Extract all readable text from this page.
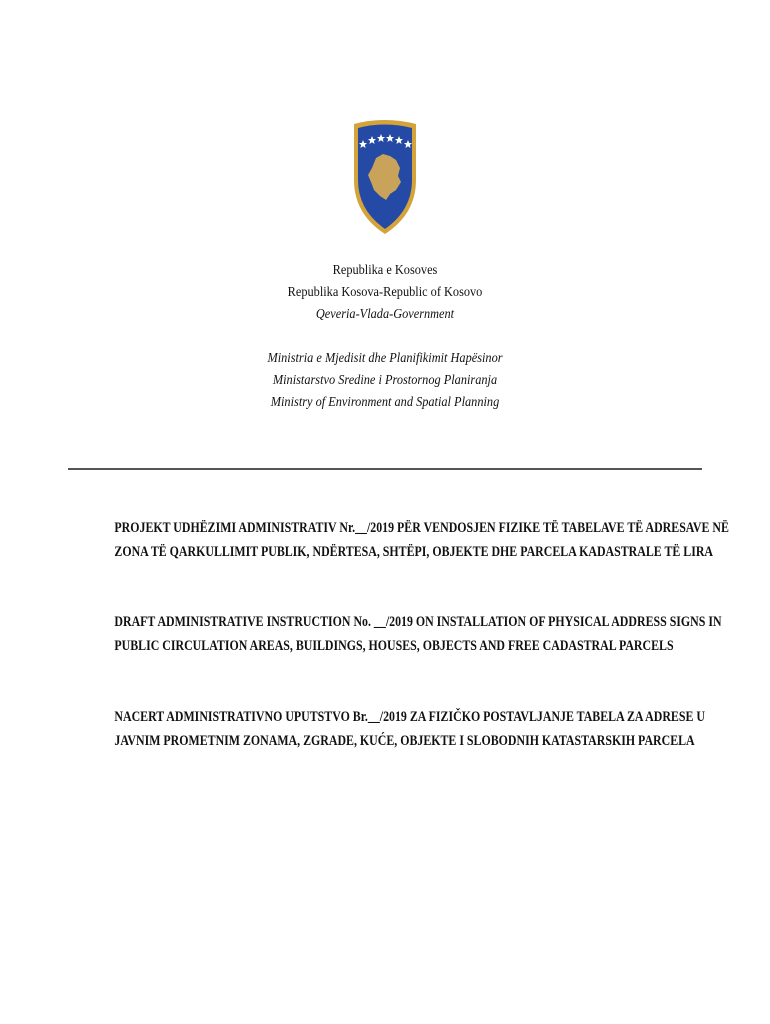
Republika e Kosoves
Republika Kosova-Republic of Kosovo
Qeveria-Vlada-Government
Ministria e Mjedisit dhe Planifikimit Hapësinor
Ministarstvo Sredine i Prostornog Planiranja
Ministry of Environment and Spatial Planning
PROJEKT UDHËZIMI ADMINISTRATIV Nr.__/2019 PËR VENDOSJEN FIZIKE TË TABELAVE TË ADRESAVE NË
ZONA TË QARKULLIMIT PUBLIK, NDËRTESA, SHTËPI, OBJEKTE DHE PARCELA KADASTRALE TË LIRA
DRAFT ADMINISTRATIVE INSTRUCTION No. __/2019 ON INSTALLATION OF PHYSICAL ADDRESS SIGNS IN
PUBLIC CIRCULATION AREAS, BUILDINGS, HOUSES, OBJECTS AND FREE CADASTRAL PARCELS
NACERT ADMINISTRATIVNO UPUTSTVO Br.__/2019 ZA FIZIČKO POSTAVLJANJE TABELA ZA ADRESE U
JAVNIM PROMETNIM ZONAMA, ZGRADE, KUĆE, OBJEKTE I SLOBODNIH KATASTARSKIH PARCELA
